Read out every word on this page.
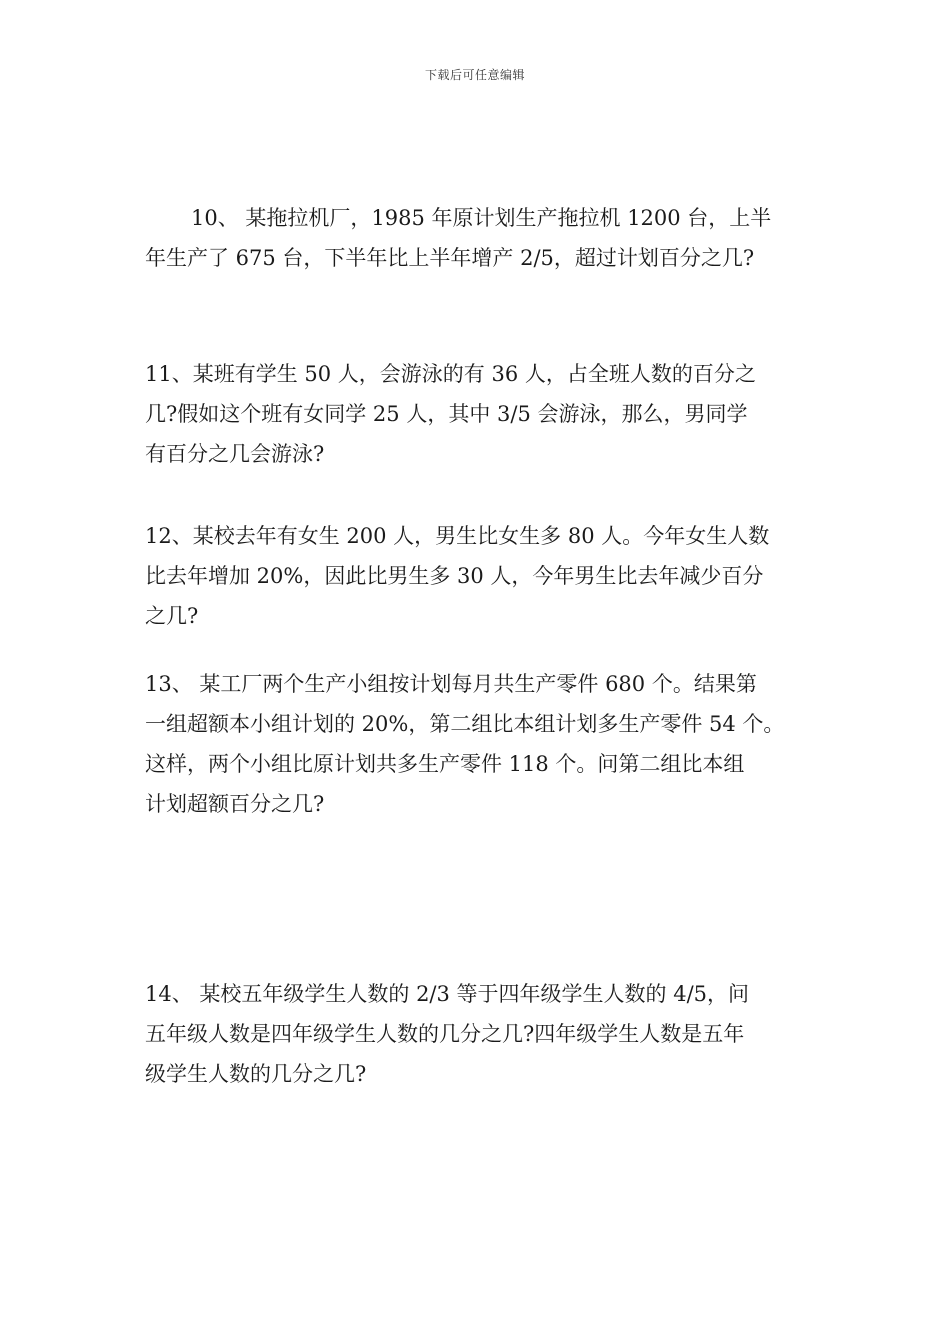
下载后可任意编辑
10、 某拖拉机厂，1985 年原计划生产拖拉机 1200 台，上半
年生产了 675 台，下半年比上半年增产 2/5，超过计划百分之几?
11、某班有学生 50 人，会游泳的有 36 人，占全班人数的百分之
几?假如这个班有女同学 25 人，其中 3/5 会游泳，那么，男同学
有百分之几会游泳?
12、某校去年有女生 200 人，男生比女生多 80 人。今年女生人数
比去年增加 20%，因此比男生多 30 人，今年男生比去年减少百分
之几?
13、 某工厂两个生产小组按计划每月共生产零件 680 个。结果第
一组超额本小组计划的 20%，第二组比本组计划多生产零件 54 个。
这样，两个小组比原计划共多生产零件 118 个。问第二组比本组
计划超额百分之几?
14、 某校五年级学生人数的 2/3 等于四年级学生人数的 4/5，问
五年级人数是四年级学生人数的几分之几?四年级学生人数是五年
级学生人数的几分之几?
